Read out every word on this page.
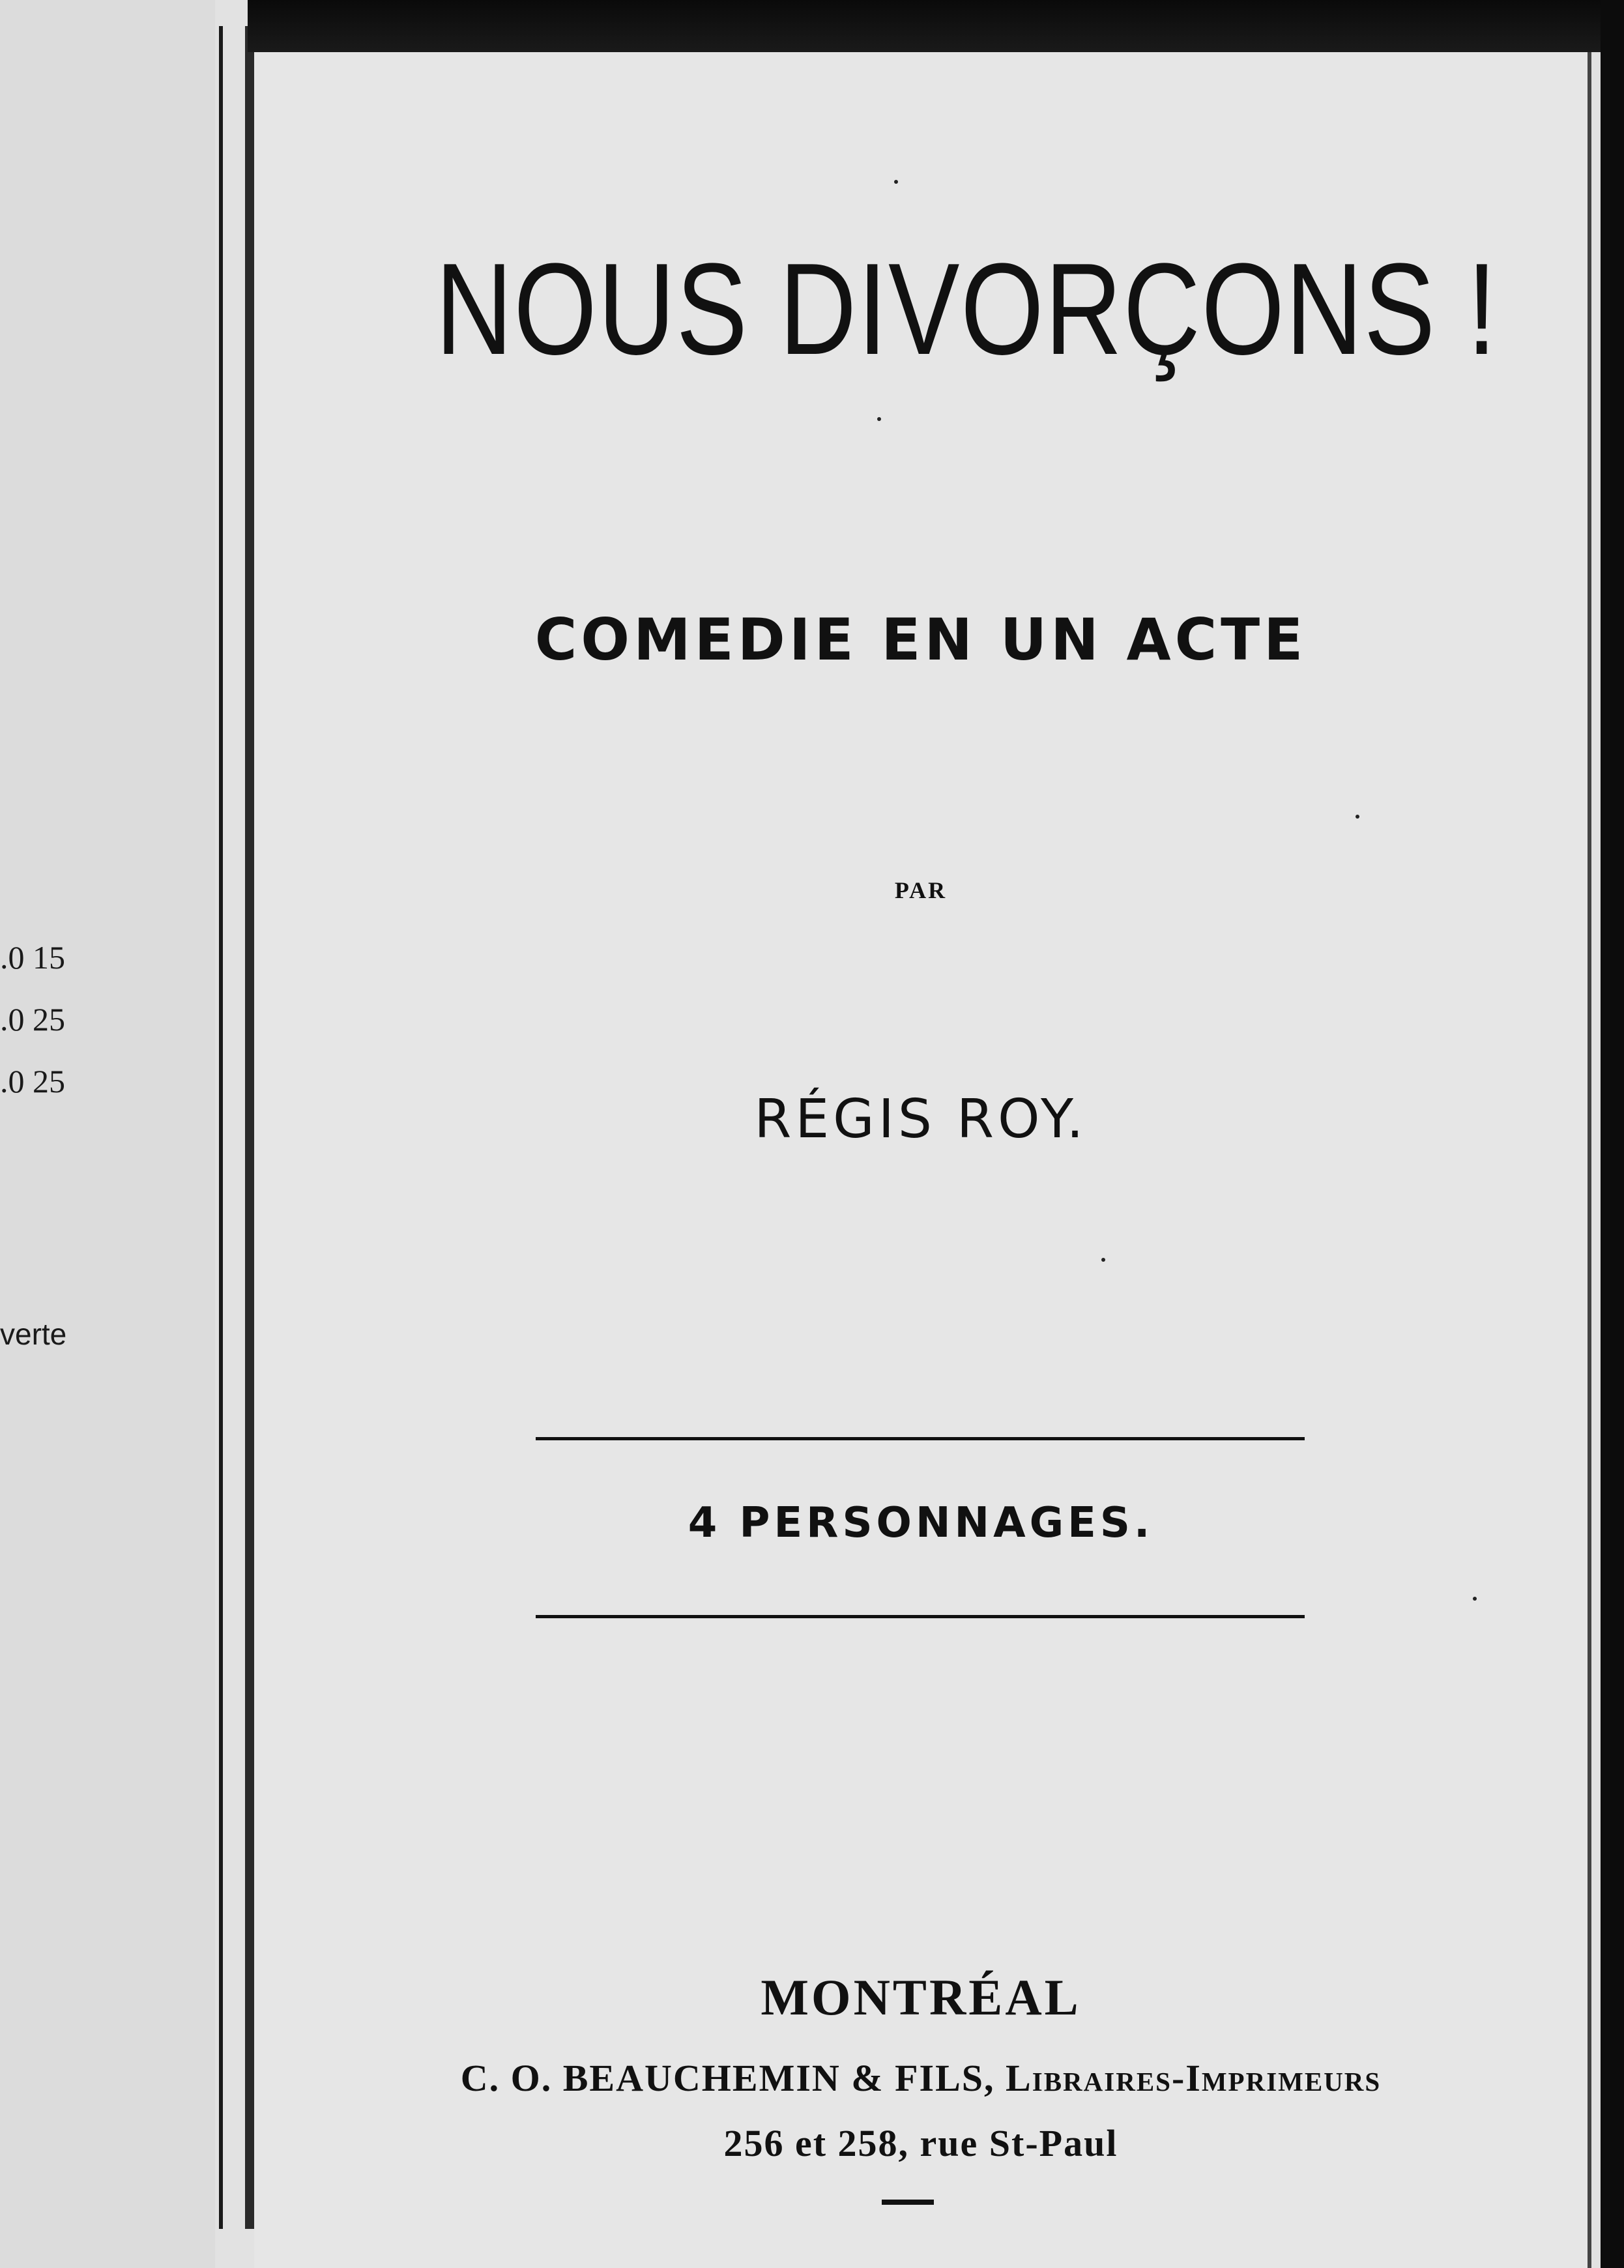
.0 15
.0 25
.0 25
verte
NOUS DIVORÇONS !
COMEDIE EN UN ACTE
PAR
RÉGIS ROY.
4 PERSONNAGES.
MONTRÉAL
C. O. BEAUCHEMIN & FILS, Libraires-Imprimeurs
256 et 258, rue St-Paul
